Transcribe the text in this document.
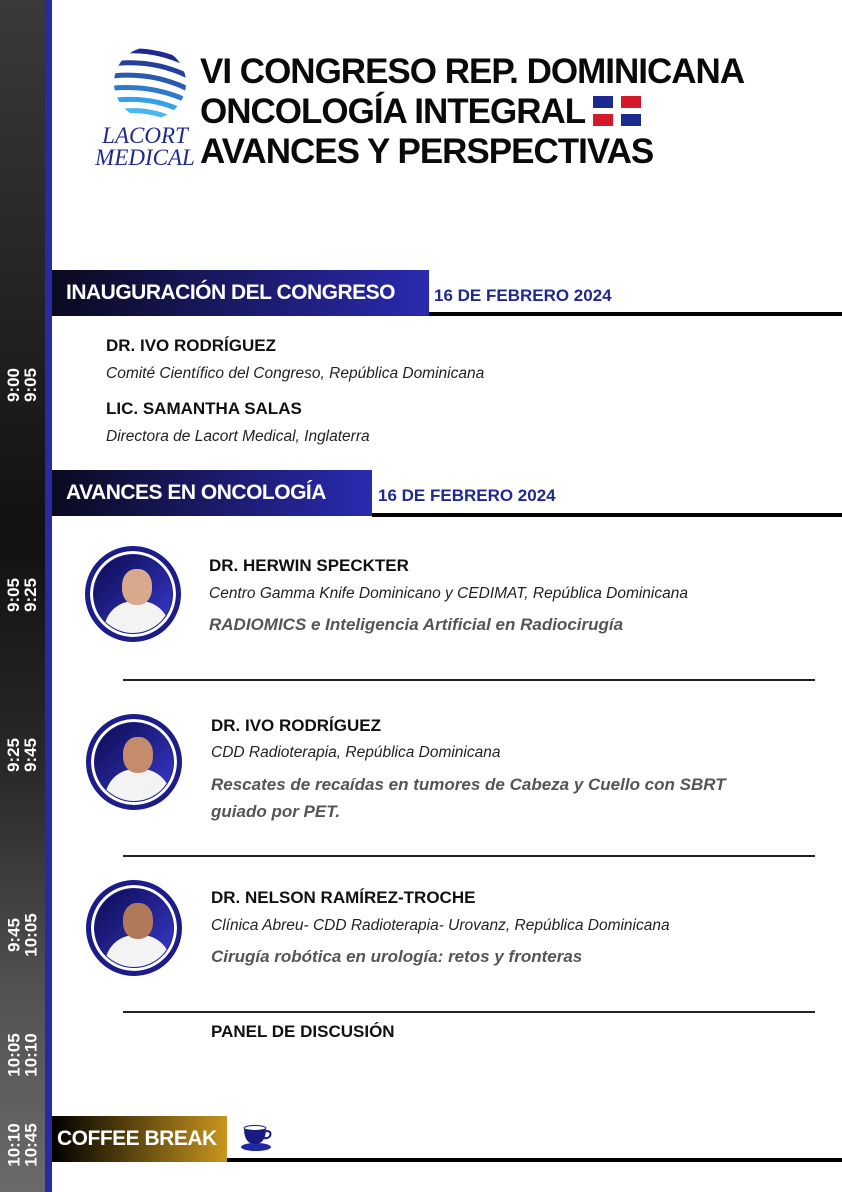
9:00
9:05
9:05
9:25
9:25
9:45
9:45
10:05
10:05
10:10
10:10
10:45
LACORT
MEDICAL
VI CONGRESO REP. DOMINICANA
ONCOLOGÍA INTEGRAL
AVANCES Y PERSPECTIVAS
INAUGURACIÓN DEL CONGRESO 16 DE FEBRERO 2024
DR. IVO RODRÍGUEZ
Comité Científico del Congreso, República Dominicana
LIC. SAMANTHA SALAS
Directora de Lacort Medical, Inglaterra
AVANCES EN ONCOLOGÍA	16 DE FEBRERO 2024
DR. HERWIN SPECKTER
Centro Gamma Knife Dominicano y CEDIMAT, República Dominicana
RADIOMICS e Inteligencia Artificial en Radiocirugía
DR. IVO RODRÍGUEZ
CDD Radioterapia, República Dominicana
Rescates de recaídas en tumores de Cabeza y Cuello con SBRT guiado por PET.
DR. NELSON RAMÍREZ-TROCHE
Clínica Abreu- CDD Radioterapia- Urovanz, República Dominicana
Cirugía robótica en urología: retos y fronteras
PANEL DE DISCUSIÓN
COFFEE BREAK
